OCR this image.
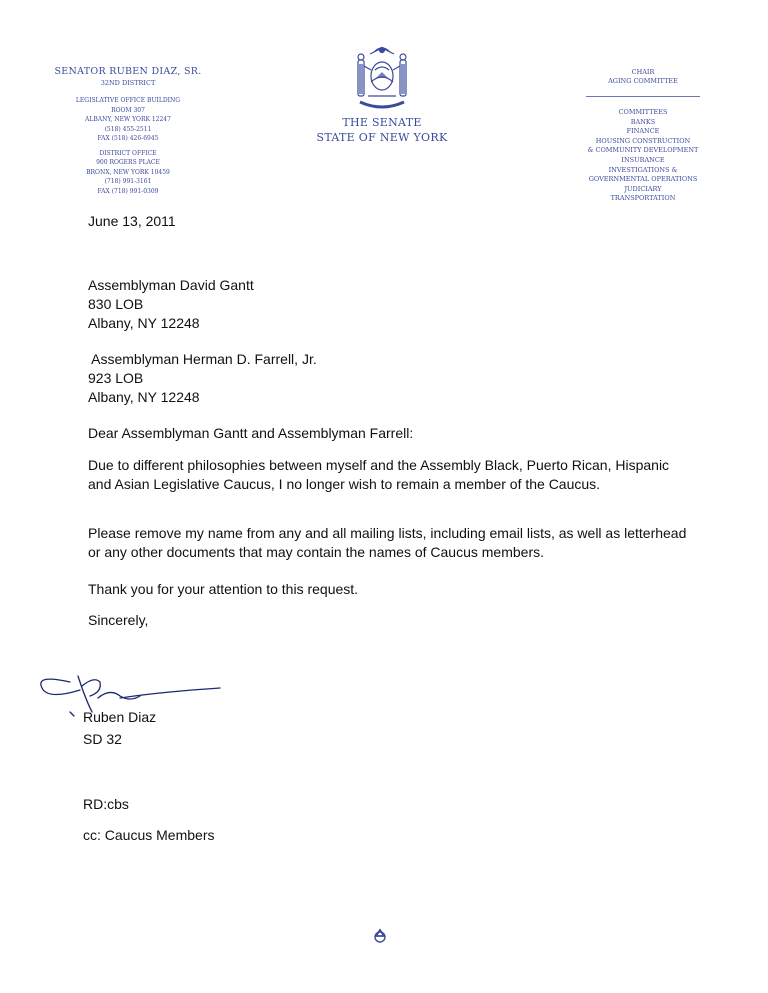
SENATOR RUBEN DIAZ, SR.
32ND DISTRICT
LEGISLATIVE OFFICE BUILDING
ROOM 307
ALBANY, NEW YORK 12247
(518) 455-2511
FAX (518) 426-6945
DISTRICT OFFICE
900 ROGERS PLACE
BRONX, NEW YORK 10459
(718) 991-3161
FAX (718) 991-0309
THE SENATE
STATE OF NEW YORK
CHAIR
AGING COMMITTEE
COMMITTEES
BANKS
FINANCE
HOUSING CONSTRUCTION
& COMMUNITY DEVELOPMENT
INSURANCE
INVESTIGATIONS &
GOVERNMENTAL OPERATIONS
JUDICIARY
TRANSPORTATION
June 13, 2011
Assemblyman David Gantt
830 LOB
Albany, NY 12248
Assemblyman Herman D. Farrell, Jr.
923 LOB
Albany, NY 12248
Dear Assemblyman Gantt and Assemblyman Farrell:
Due to different philosophies between myself and the Assembly Black, Puerto Rican, Hispanic and Asian Legislative Caucus, I no longer wish to remain a member of the Caucus.
Please remove my name from any and all mailing lists, including email lists, as well as letterhead or any other documents that may contain the names of Caucus members.
Thank you for your attention to this request.
Sincerely,
Ruben Diaz
SD 32
RD:cbs
cc: Caucus Members
